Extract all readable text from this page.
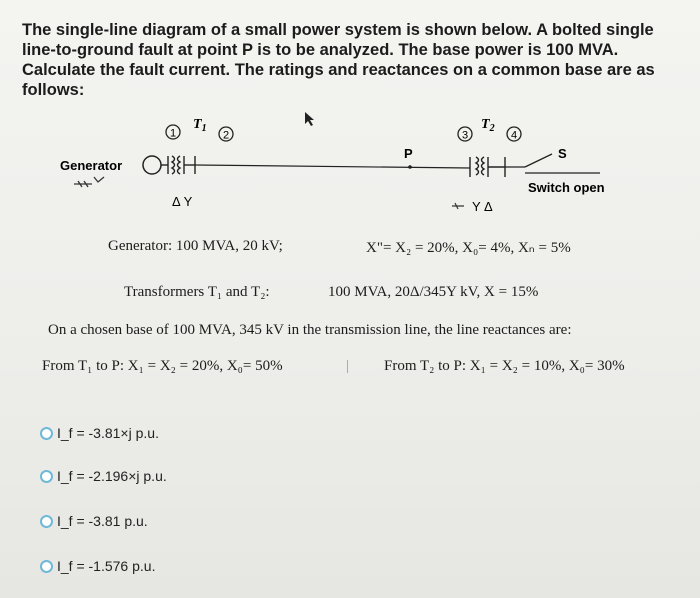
The single-line diagram of a small power system is shown below. A bolted single line-to-ground fault at point P is to be analyzed. The base power is 100 MVA. Calculate the fault current. The ratings and reactances on a common base are as follows:
1
$T_1$
2
Generator
Δ Y
P
3
$T_2$
4
Y Δ
S
Switch open
Generator: 100 MVA, 20 kV;	X"= X₂ = 20%, X₀= 4%, Xₙ = 5%
Transformers T₁ and T₂:	100 MVA, 20Δ/345Y kV, X = 15%
On a chosen base of 100 MVA, 345 kV in the transmission line, the line reactances are:
From T₁ to P: X₁ = X₂ = 20%, X₀= 50%	| From T₂ to P: X₁ = X₂ = 10%, X₀= 30%
I_f = -3.81×j p.u.
I_f = -2.196×j p.u.
I_f = -3.81 p.u.
I_f = -1.576 p.u.
